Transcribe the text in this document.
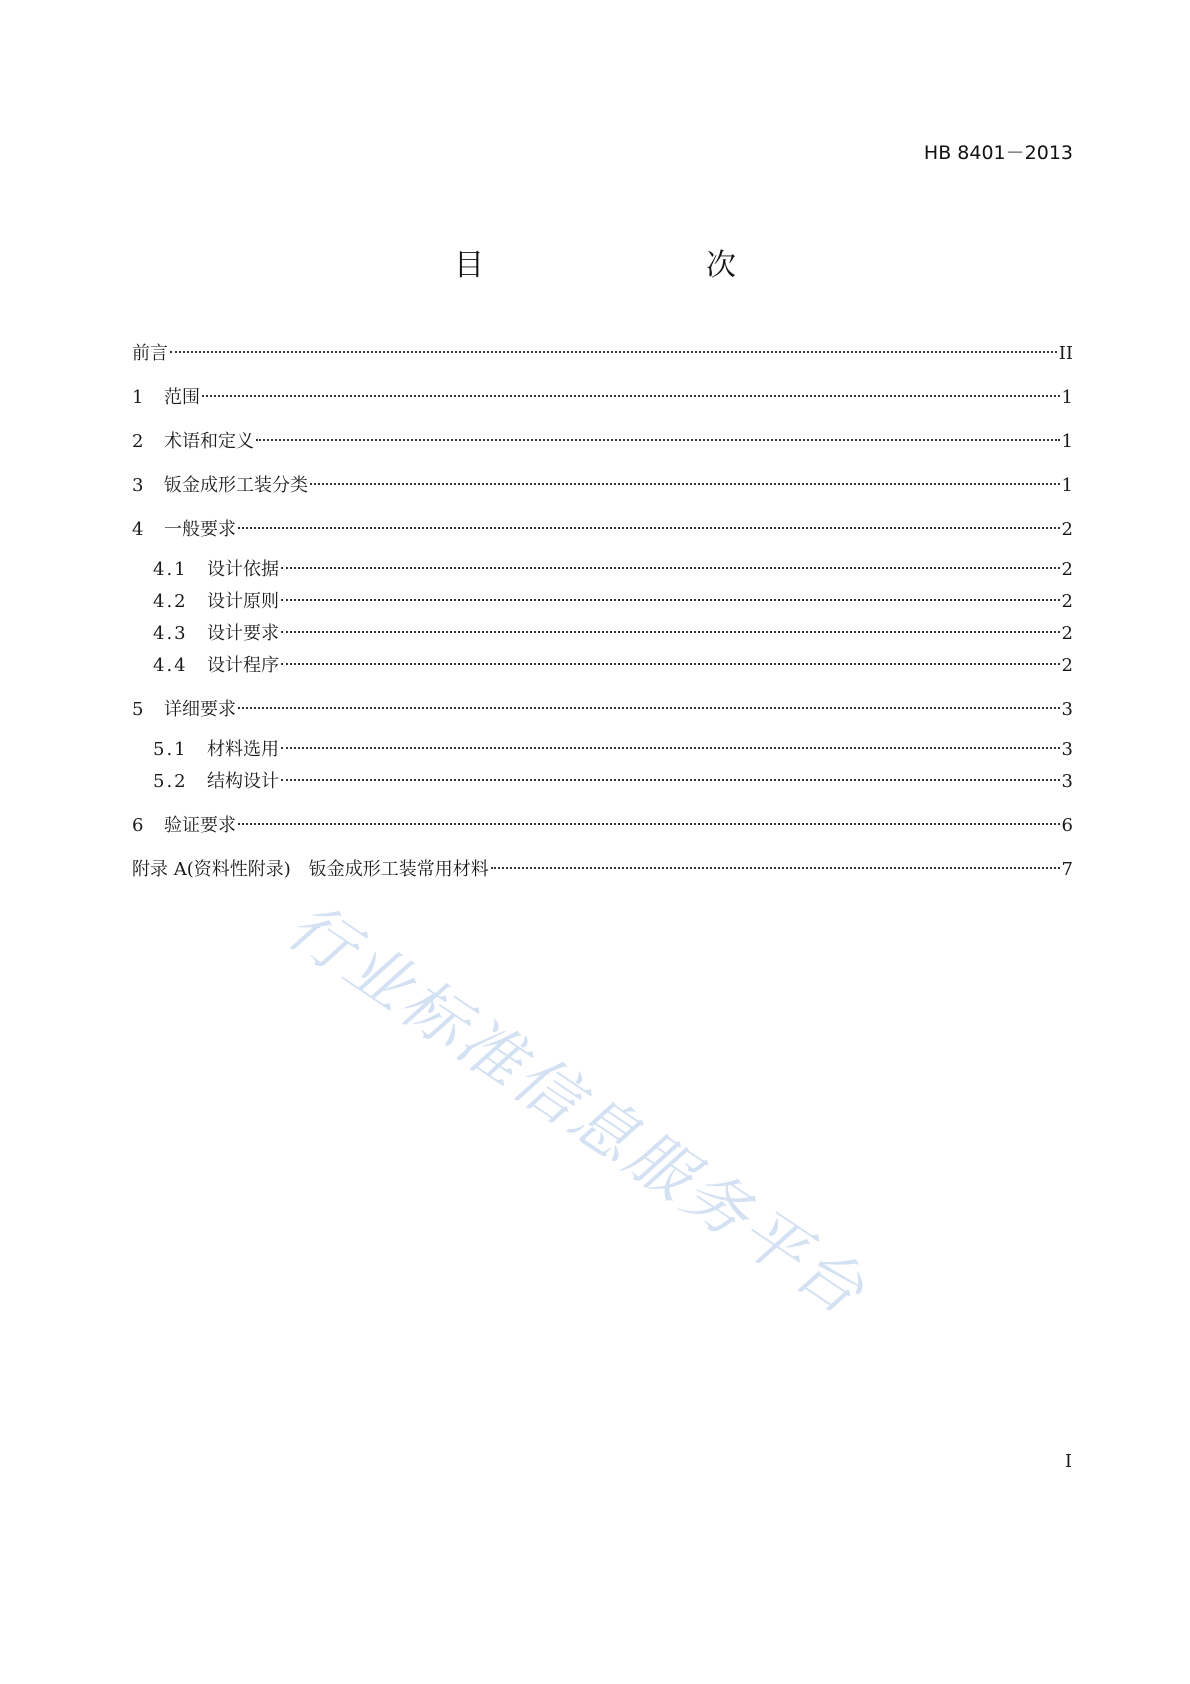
HB 8401－2013
目　　次
前言	II
1	范围	1
2	术语和定义	1
3	钣金成形工装分类	1
4	一般要求	2
4.1	设计依据	2
4.2	设计原则	2
4.3	设计要求	2
4.4	设计程序	2
5	详细要求	3
5.1	材料选用	3
5.2	结构设计	3
6	验证要求	6
附录 A(资料性附录)　钣金成形工装常用材料	7
行业标准信息服务平台
I
